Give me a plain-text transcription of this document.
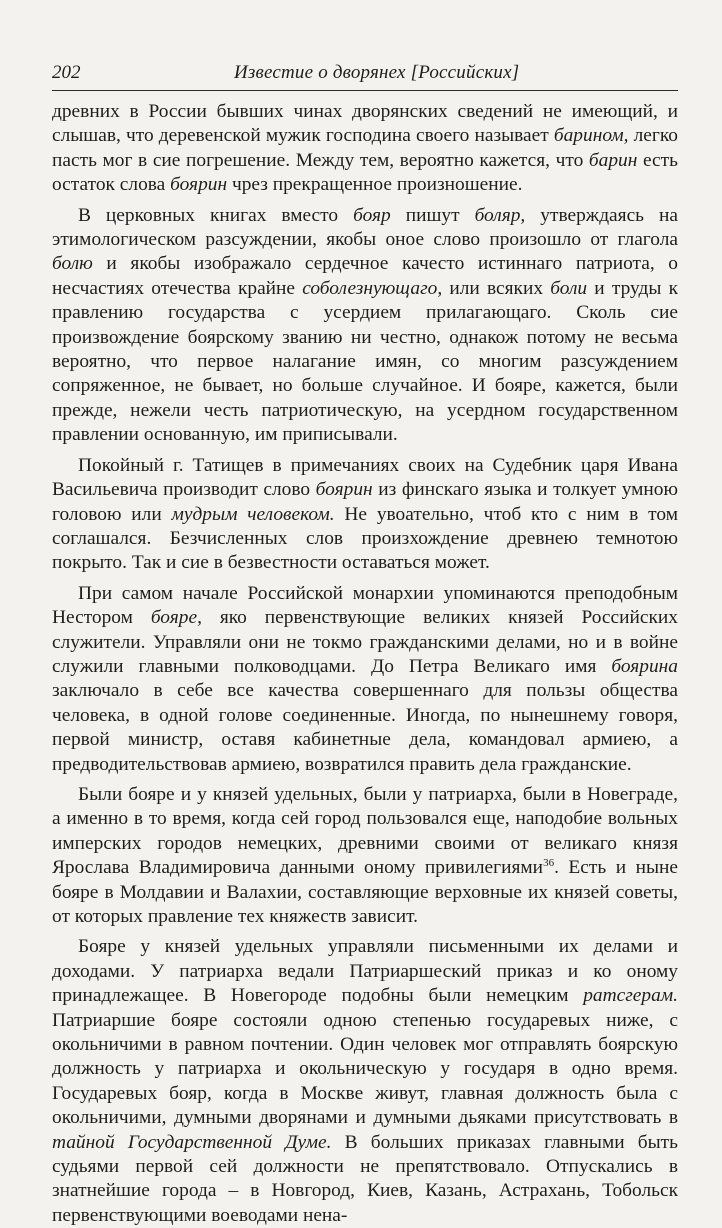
202	Известие о дворянех [Российских]

древних в России бывших чинах дворянских сведений не имеющий, и слышав, что деревенской мужик господина своего называет барином, легко пасть мог в сие погрешение. Между тем, вероятно кажется, что барин есть остаток слова боярин чрез прекращенное произношение.

В церковных книгах вместо бояр пишут боляр, утверждаясь на этимологическом разсуждении, якобы оное слово произошло от глагола болю и якобы изображало сердечное качесто истиннаго патриота, о несчастиях отечества крайне соболезнующаго, или всяких боли и труды к правлению государства с усердием прилагающаго. Сколь сие произвождение боярскому званию ни честно, однакож потому не весьма вероятно, что первое налагание имян, со многим разсуждением сопряженное, не бывает, но больше случайное. И бояре, кажется, были прежде, нежели честь патриотическую, на усердном государственном правлении основанную, им приписывали.

Покойный г. Татищев в примечаниях своих на Судебник царя Ивана Васильевича производит слово боярин из финскаго языка и толкует умною головою или мудрым человеком. Не увоательно, чтоб кто с ним в том соглашался. Безчисленных слов произхождение древнею темнотою покрыто. Так и сие в безвестности оставаться может.

При самом начале Российской монархии упоминаются преподобным Нестором бояре, яко первенствующие великих князей Российских служители. Управляли они не токмо гражданскими делами, но и в войне служили главными полководцами. До Петра Великаго имя боярина заключало в себе все качества совершеннаго для пользы общества человека, в одной голове соединенные. Иногда, по нынешнему говоря, первой министр, оставя кабинетные дела, командовал армиею, а предводительствовав армиею, возвратился править дела гражданские.

Были бояре и у князей удельных, были у патриарха, были в Новеграде, а именно в то время, когда сей город пользовался еще, наподобие вольных имперских городов немецких, древними своими от великаго князя Ярослава Владимировича данными оному привилегиями$^{36}$. Есть и ныне бояре в Молдавии и Валахии, составляющие верховные их князей советы, от которых правление тех княжеств зависит.

Бояре у князей удельных управляли письменными их делами и доходами. У патриарха ведали Патриаршеский приказ и ко оному принадлежащее. В Новегороде подобны были немецким ратсгерам. Патриаршие бояре состояли одною степенью государевых ниже, с окольничими в равном почтении. Один человек мог отправлять боярскую должность у патриарха и окольническую у государя в одно время. Государевых бояр, когда в Москве живут, главная должность была с окольничими, думными дворянами и думными дьяками присутствовать в тайной Государственной Думе. В больших приказах главными быть судьями первой сей должности не препятствовало. Отпускались в знатнейшие города – в Новгород, Киев, Казань, Астрахань, Тобольск первенствующими воеводами нена-
